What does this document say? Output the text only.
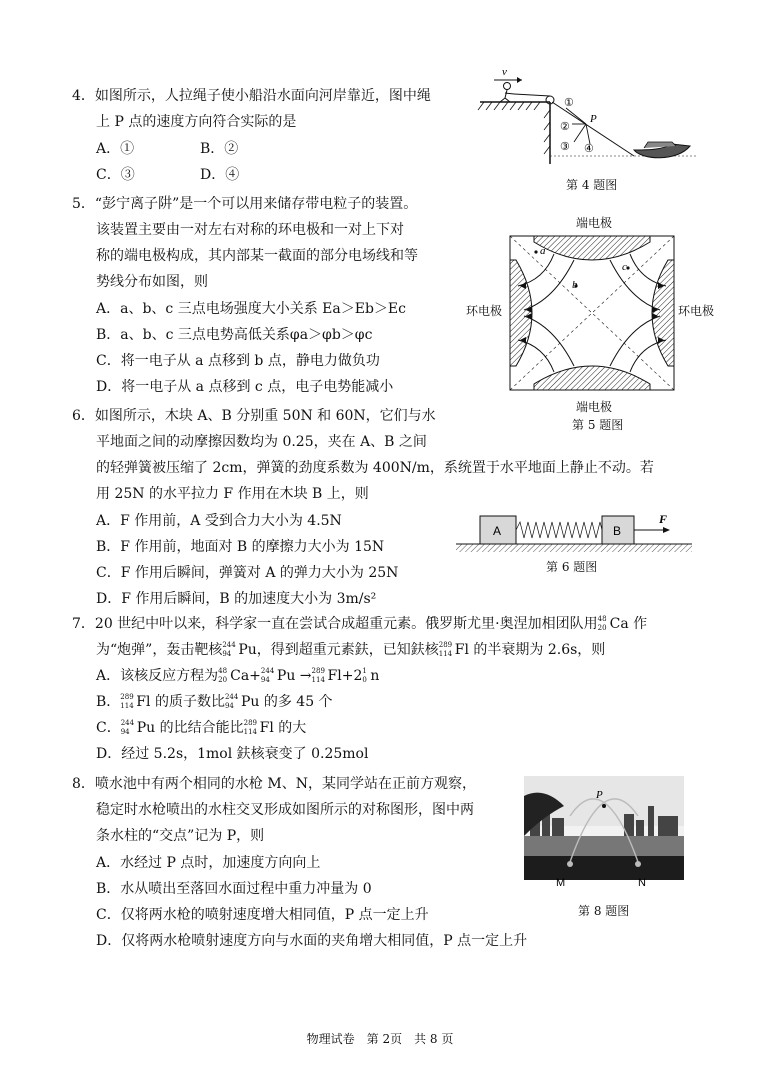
4．如图所示，人拉绳子使小船沿水面向河岸靠近，图中绳
上 P 点的速度方向符合实际的是
A．①	B．②
C．③	D．④
v
P
①
②
③ ④
第 4 题图
5．“彭宁离子阱”是一个可以用来储存带电粒子的装置。
该装置主要由一对左右对称的环电极和一对上下对
称的端电极构成，其内部某一截面的部分电场线和等
势线分布如图，则
A．a、b、c 三点电场强度大小关系 Ea＞Eb＞Ec
B．a、b、c 三点电势高低关系φa＞φb＞φc
C．将一电子从 a 点移到 b 点，静电力做负功
D．将一电子从 a 点移到 c 点，电子电势能减小
端电极
环电极	环电极
端电极
a
b
c
第 5 题图
6．如图所示，木块 A、B 分别重 50N 和 60N，它们与水
平地面之间的动摩擦因数均为 0.25，夹在 A、B 之间
的轻弹簧被压缩了 2cm，弹簧的劲度系数为 400N/m，系统置于水平地面上静止不动。若
用 25N 的水平拉力 F 作用在木块 B 上，则
A．F 作用前，A 受到合力大小为 4.5N
B．F 作用前，地面对 B 的摩擦力大小为 15N
C．F 作用后瞬间，弹簧对 A 的弹力大小为 25N
D．F 作用后瞬间，B 的加速度大小为 3m/s²
A	B
F
第 6 题图
7．20 世纪中叶以来，科学家一直在尝试合成超重元素。俄罗斯尤里·奥涅加相团队用 48
20 Ca 作
为“炮弹”，轰击靶核 244
94 Pu，得到超重元素鈇，已知鈇核 289
114 Fl 的半衰期为 2.6s，则
A．该核反应方程为 48
20 Ca+ 244
94 Pu → 289
114 Fl+2 1
0 n
B． 289
114 Fl 的质子数比 244
94 Pu 的多 45 个
C． 244
94 Pu 的比结合能比 289
114 Fl 的大
D．经过 5.2s，1mol 鈇核衰变了 0.25mol
8．喷水池中有两个相同的水枪 M、N，某同学站在正前方观察，
稳定时水枪喷出的水柱交叉形成如图所示的对称图形，图中两
条水柱的“交点”记为 P，则
A．水经过 P 点时，加速度方向向上
B．水从喷出至落回水面过程中重力冲量为 0
C．仅将两水枪的喷射速度增大相同值，P 点一定上升
D．仅将两水枪喷射速度方向与水面的夹角增大相同值，P 点一定上升
P
M	N
第 8 题图
物理试卷　第 2页　共 8 页
